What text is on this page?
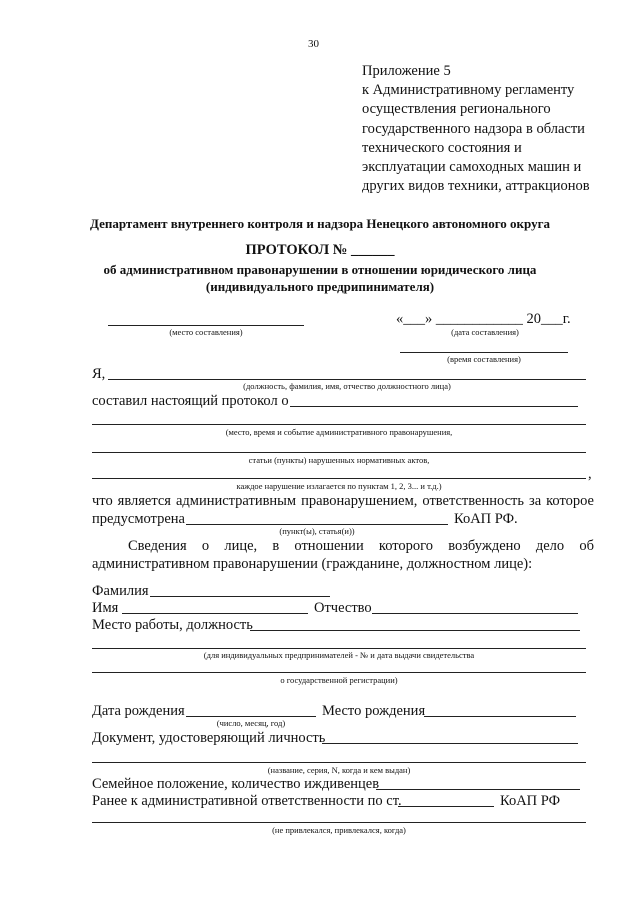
30
Приложение 5
к Административному регламенту
осуществления регионального
государственного надзора в области
технического состояния и
эксплуатации самоходных машин и
других видов техники, аттракционов
Департамент внутреннего контроля и надзора Ненецкого автономного округа
ПРОТОКОЛ № ______
об административном правонарушении в отношении юридического лица
(индивидуального предрипинимателя)
(место составления)
«___» ____________ 20___г.
(дата составления)
(время составления)
Я,
(должность, фамилия, имя, отчество должностного лица)
составил настоящий протокол о
(место, время и событие административного правонарушения,
статьи (пункты) нарушенных нормативных актов,
,
каждое нарушение излагается по пунктам 1, 2, 3... и т.д.)
что является административным правонарушением, ответственность за которое
предусмотрена	КоАП РФ.
(пункт(ы), статья(и))
Сведения о лице, в отношении которого возбуждено дело об
административном правонарушении (гражданине, должностном лице):
Фамилия
Имя	Отчество
Место работы, должность
(для индивидуальных предпринимателей - № и дата выдачи свидетельства
о государственной регистрации)
Дата рождения	Место рождения
(число, месяц, год)
Документ, удостоверяющий личность
(название, серия, N, когда и кем выдан)
Семейное положение, количество иждивенцев
Ранее к административной ответственности по ст.	КоАП РФ
(не привлекался, привлекался, когда)
